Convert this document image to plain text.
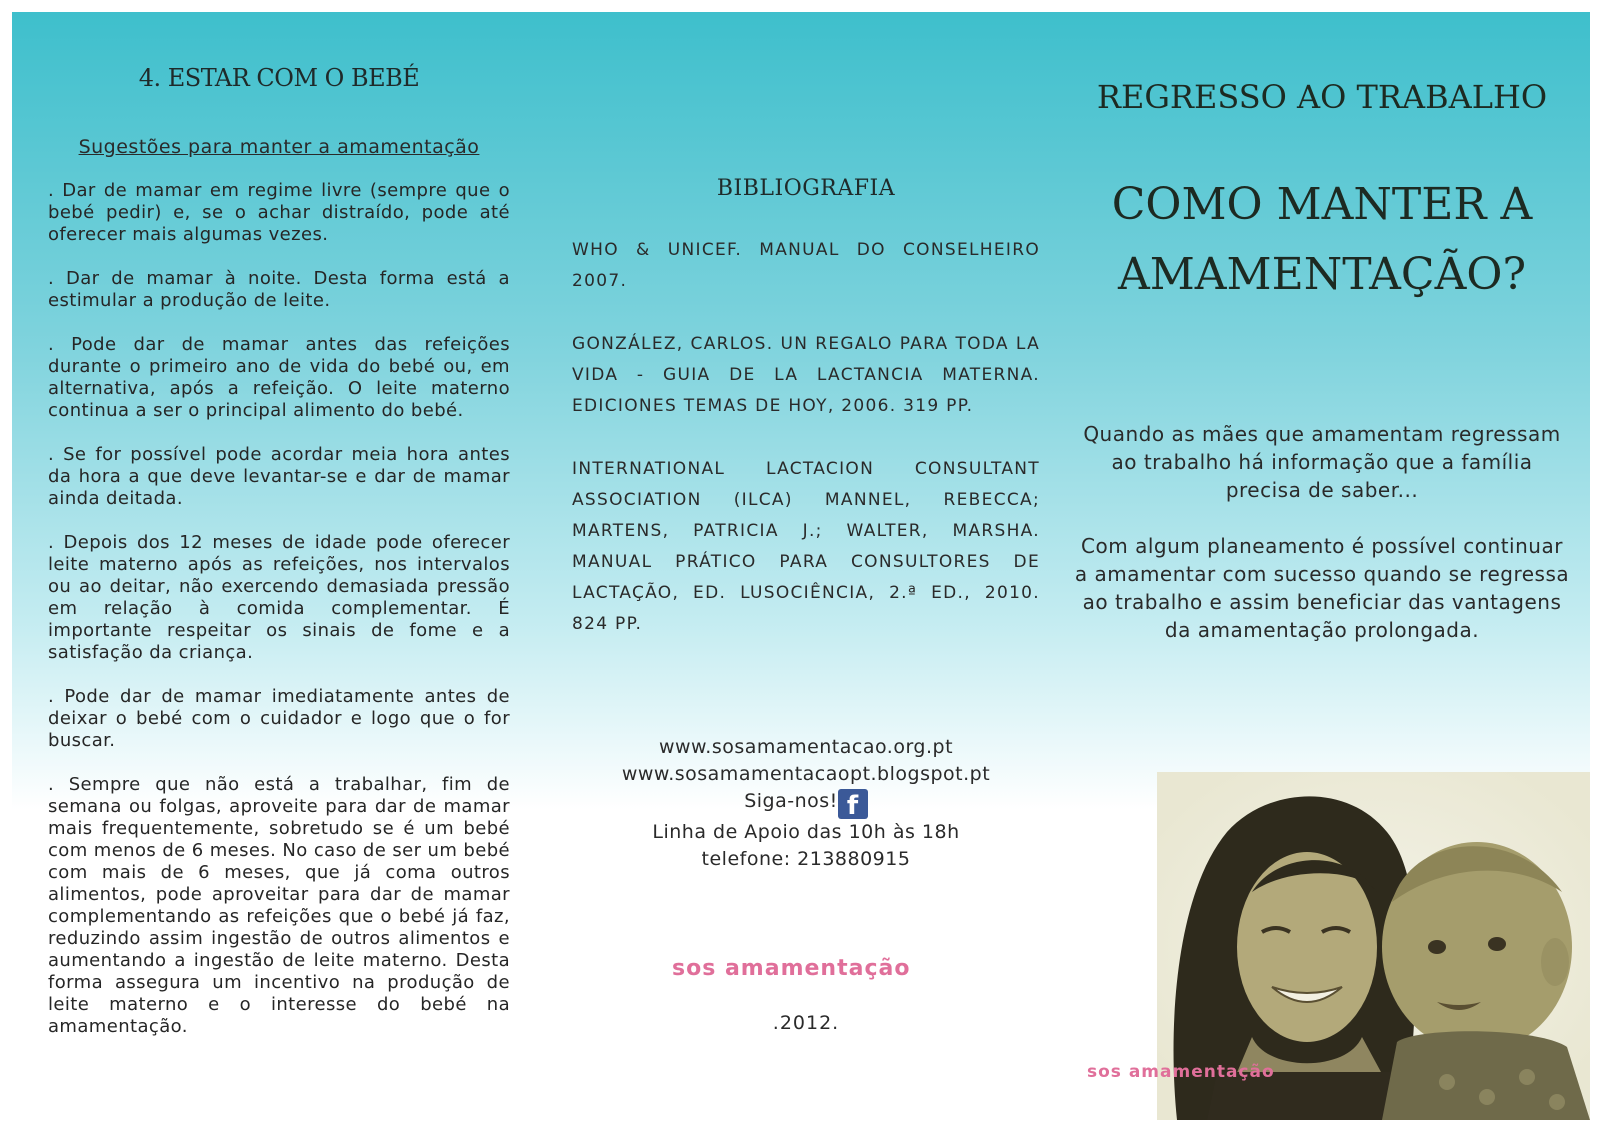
4. ESTAR COM O BEBÉ
Sugestões para manter a amamentação

. Dar de mamar em regime livre (sempre que o bebé pedir) e, se o achar distraído, pode até oferecer mais algumas vezes.

. Dar de mamar à noite. Desta forma está a estimular a produção de leite.

. Pode dar de mamar antes das refeições durante o primeiro ano de vida do bebé ou, em alternativa, após a refeição. O leite materno continua a ser o principal alimento do bebé.

. Se for possível pode acordar meia hora antes da hora a que deve levantar-se e dar de mamar ainda deitada.

. Depois dos 12 meses de idade pode oferecer leite materno após as refeições, nos intervalos ou ao deitar, não exercendo demasiada pressão em relação à comida complementar. É importante respeitar os sinais de fome e a satisfação da criança.

. Pode dar de mamar imediatamente antes de deixar o bebé com o cuidador e logo que o for buscar.

. Sempre que não está a trabalhar, fim de semana ou folgas, aproveite para dar de mamar mais frequentemente, sobretudo se é um bebé com menos de 6 meses. No caso de ser um bebé com mais de 6 meses, que já coma outros alimentos, pode aproveitar para dar de mamar complementando as refeições que o bebé já faz, reduzindo assim ingestão de outros alimentos e aumentando a ingestão de leite materno. Desta forma assegura um incentivo na produção de leite materno e o interesse do bebé na amamentação.

BIBLIOGRAFIA

WHO & UNICEF. MANUAL DO CONSELHEIRO 2007.

GONZÁLEZ, CARLOS. UN REGALO PARA TODA LA VIDA - GUIA DE LA LACTANCIA MATERNA. EDICIONES TEMAS DE HOY, 2006. 319 PP.

INTERNATIONAL LACTACION CONSULTANT ASSOCIATION (ILCA) MANNEL, REBECCA; MARTENS, PATRICIA J.; WALTER, MARSHA. MANUAL PRÁTICO PARA CONSULTORES DE LACTAÇÃO, ED. LUSOCIÊNCIA, 2.ª ED., 2010. 824 PP.

www.sosamamentacao.org.pt
www.sosamamentacaopt.blogspot.pt
Siga-nos! f
Linha de Apoio das 10h às 18h
telefone: 213880915
sos amamentação
.2012.
REGRESSO AO TRABALHO
COMO MANTER A
AMAMENTAÇÃO?

Quando as mães que amamentam regressam ao trabalho há informação que a família precisa de saber...

Com algum planeamento é possível continuar a amamentar com sucesso quando se regressa ao trabalho e assim beneficiar das vantagens da amamentação prolongada.

sos amamentação
